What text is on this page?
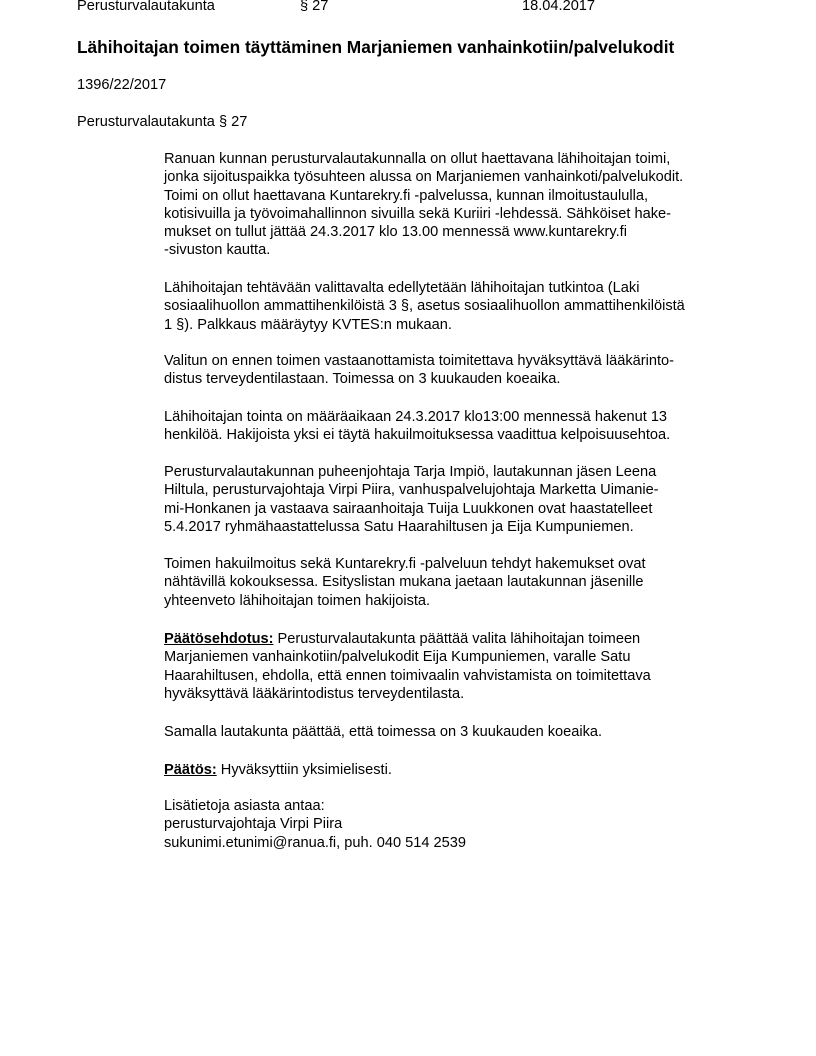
Perusturvalautakunta	§ 27	18.04.2017
Lähihoitajan toimen täyttäminen Marjaniemen vanhainkotiin/palvelukodit
1396/22/2017
Perusturvalautakunta § 27
Ranuan kunnan perusturvalautakunnalla on ollut haettavana lähihoitajan toimi,
jonka sijoituspaikka työsuhteen alussa on Marjaniemen vanhainkoti/palvelukodit.
Toimi on ollut haettavana Kuntarekry.fi -palvelussa, kunnan ilmoitustaululla,
kotisivuilla ja työvoimahallinnon sivuilla sekä Kuriiri -lehdessä. Sähköiset hake-
mukset on tullut jättää 24.3.2017 klo 13.00 mennessä www.kuntarekry.fi
-sivuston kautta.
Lähihoitajan tehtävään valittavalta edellytetään lähihoitajan tutkintoa (Laki
sosiaalihuollon ammattihenkilöistä 3 §, asetus sosiaalihuollon ammattihenkilöistä
1 §). Palkkaus määräytyy KVTES:n mukaan.
Valitun on ennen toimen vastaanottamista toimitettava hyväksyttävä lääkärinto-
distus terveydentilastaan. Toimessa on 3 kuukauden koeaika.
Lähihoitajan tointa on määräaikaan 24.3.2017 klo13:00 mennessä hakenut 13
henkilöä. Hakijoista yksi ei täytä hakuilmoituksessa vaadittua kelpoisuusehtoa.
Perusturvalautakunnan puheenjohtaja Tarja Impiö, lautakunnan jäsen Leena
Hiltula, perusturvajohtaja Virpi Piira, vanhuspalvelujohtaja Marketta Uimanie-
mi-Honkanen ja vastaava sairaanhoitaja Tuija Luukkonen ovat haastatelleet
5.4.2017 ryhmähaastattelussa Satu Haarahiltusen ja Eija Kumpuniemen.
Toimen hakuilmoitus sekä Kuntarekry.fi -palveluun tehdyt hakemukset ovat
nähtävillä kokouksessa. Esityslistan mukana jaetaan lautakunnan jäsenille
yhteenveto lähihoitajan toimen hakijoista.
Päätösehdotus: Perusturvalautakunta päättää valita lähihoitajan toimeen
Marjaniemen vanhainkotiin/palvelukodit Eija Kumpuniemen, varalle Satu
Haarahiltusen, ehdolla, että ennen toimivaalin vahvistamista on toimitettava
hyväksyttävä lääkärintodistus terveydentilasta.
Samalla lautakunta päättää, että toimessa on 3 kuukauden koeaika.
Päätös: Hyväksyttiin yksimielisesti.
Lisätietoja asiasta antaa:
perusturvajohtaja Virpi Piira
sukunimi.etunimi@ranua.fi, puh. 040 514 2539
